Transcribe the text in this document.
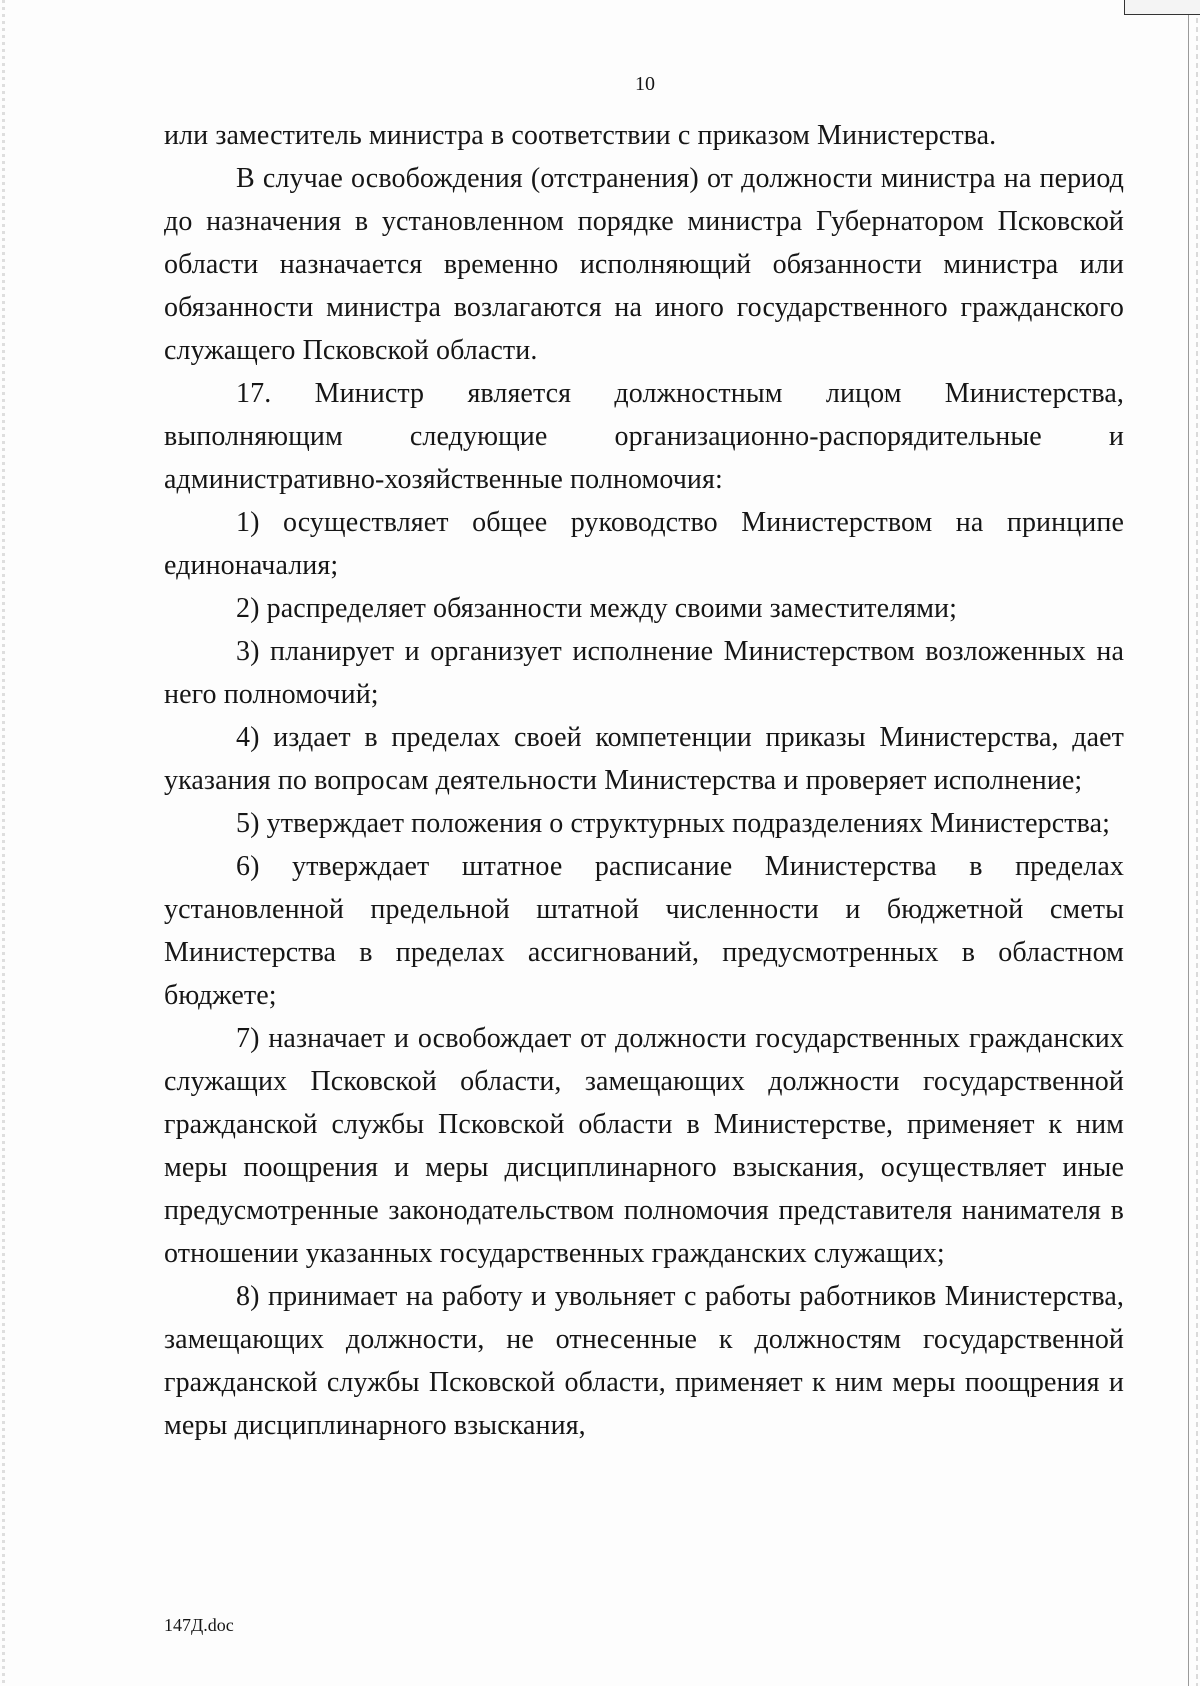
10

или заместитель министра в соответствии с приказом Министерства.

В случае освобождения (отстранения) от должности министра на период до назначения в установленном порядке министра Губернатором Псковской области назначается временно исполняющий обязанности министра или обязанности министра возлагаются на иного государственного гражданского служащего Псковской области.

17. Министр является должностным лицом Министерства, выполняющим следующие организационно-распорядительные и административно-хозяйственные полномочия:

1) осуществляет общее руководство Министерством на принципе единоначалия;

2) распределяет обязанности между своими заместителями;

3) планирует и организует исполнение Министерством возложенных на него полномочий;

4) издает в пределах своей компетенции приказы Министерства, дает указания по вопросам деятельности Министерства и проверяет исполнение;

5) утверждает положения о структурных подразделениях Министерства;

6) утверждает штатное расписание Министерства в пределах установленной предельной штатной численности и бюджетной сметы Министерства в пределах ассигнований, предусмотренных в областном бюджете;

7) назначает и освобождает от должности государственных гражданских служащих Псковской области, замещающих должности государственной гражданской службы Псковской области в Министерстве, применяет к ним меры поощрения и меры дисциплинарного взыскания, осуществляет иные предусмотренные законодательством полномочия представителя нанимателя в отношении указанных государственных гражданских служащих;

8) принимает на работу и увольняет с работы работников Министерства, замещающих должности, не отнесенные к должностям государственной гражданской службы Псковской области, применяет к ним меры поощрения и меры дисциплинарного взыскания,

147Д.doc
